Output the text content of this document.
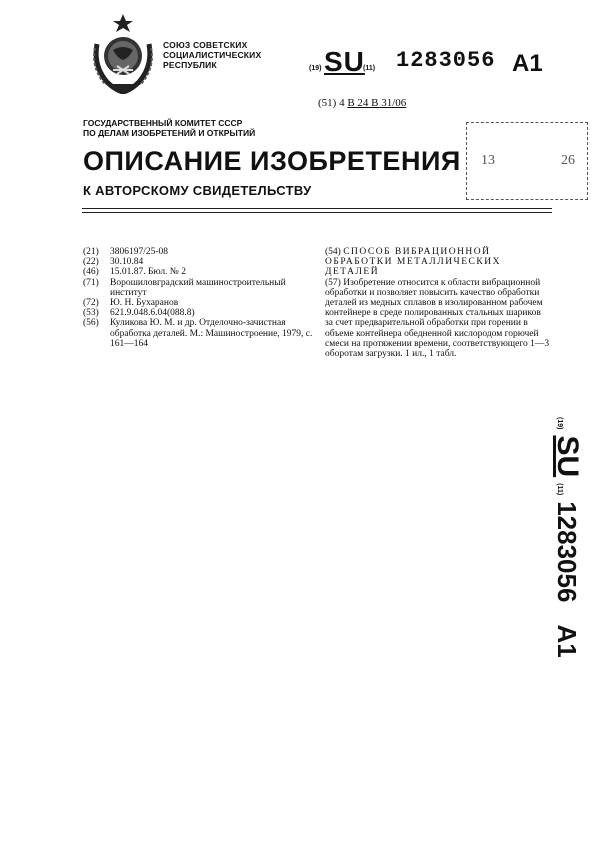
СОЮЗ СОВЕТСКИХ
СОЦИАЛИСТИЧЕСКИХ
РЕСПУБЛИК	(19) SU
(11) 1283056 A1
(51) 4 В 24 В 31/06
ГОСУДАРСТВЕННЫЙ КОМИТЕТ СССР
ПО ДЕЛАМ ИЗОБРЕТЕНИЙ И ОТКРЫТИЙ
13	26
ОПИСАНИЕ ИЗОБРЕТЕНИЯ
К АВТОРСКОМУ СВИДЕТЕЛЬСТВУ
(21)	3806197/25-08
(22)	30.10.84
(46)	15.01.87. Бюл. № 2
(71)	Ворошиловградский машиностроительный институт
(72)	Ю. Н. Бухаранов
(53)	621.9.048.6.04(088.8)
(56)	Куликова Ю. М. и др. Отделочно-зачистная обработка деталей. М.: Машиностроение, 1979, с. 161—164
(54) СПОСОБ ВИБРАЦИОННОЙ ОБРАБОТКИ МЕТАЛЛИЧЕСКИХ ДЕТАЛЕЙ
(57) Изобретение относится к области вибрационной обработки и позволяет повысить качество обработки деталей из медных сплавов в изолированном рабочем контейнере в среде полированных стальных шариков за счет предварительной обработки при горении в объеме контейнера обедненной кислородом горючей смеси на протяжении времени, соответствующего 1—3 оборотам загрузки. 1 ил., 1 табл.
(19)
SU
(11)
1283056
A1
